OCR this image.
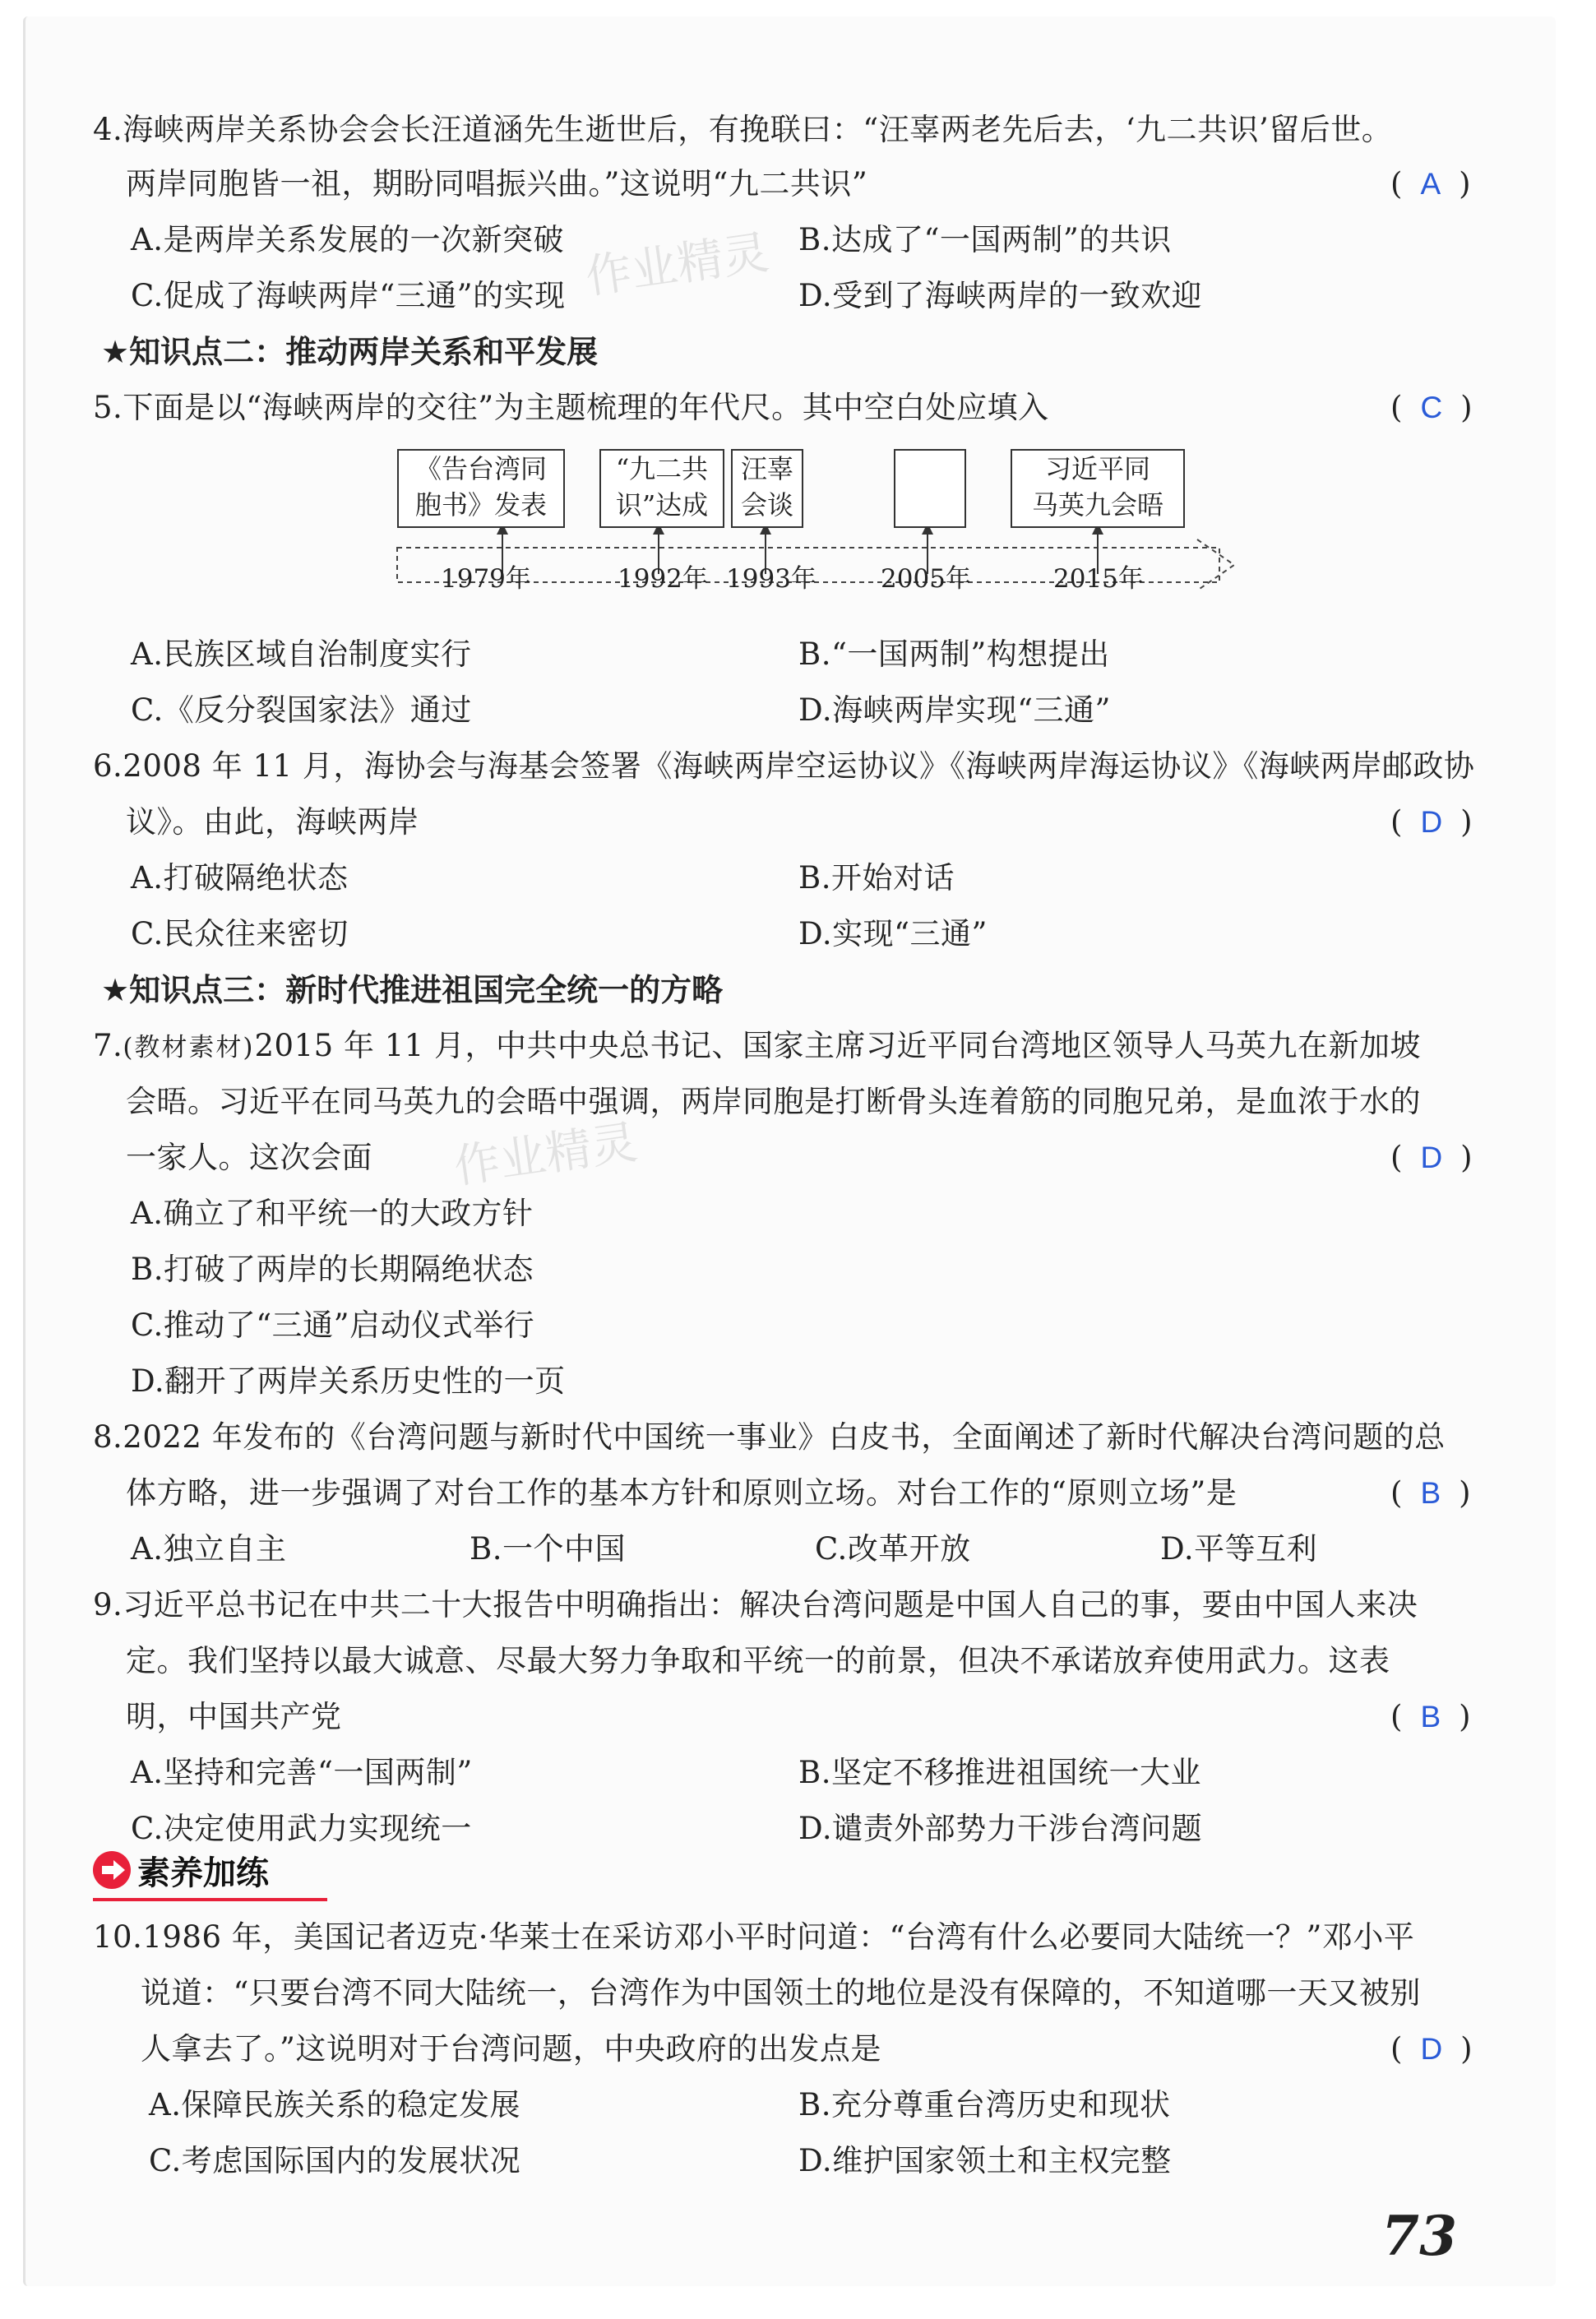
作业精灵
作业精灵
4.海峡两岸关系协会会长汪道涵先生逝世后，有挽联曰：“汪辜两老先后去，‘九二共识’留后世。
两岸同胞皆一祖，期盼同唱振兴曲。”这说明“九二共识”	( A )
A.是两岸关系发展的一次新突破	B.达成了“一国两制”的共识
C.促成了海峡两岸“三通”的实现	D.受到了海峡两岸的一致欢迎
★知识点二：推动两岸关系和平发展
5.下面是以“海峡两岸的交往”为主题梳理的年代尺。其中空白处应填入	( C )
《告台湾同
胞书》发表
“九二共
识”达成
汪辜
会谈
习近平同
马英九会晤
1979年	1992年 1993年	2005年	2015年
A.民族区域自治制度实行	B.“一国两制”构想提出
C.《反分裂国家法》通过	D.海峡两岸实现“三通”
6.2008 年 11 月，海协会与海基会签署《海峡两岸空运协议》《海峡两岸海运协议》《海峡两岸邮政协
议》。由此，海峡两岸	( D )
A.打破隔绝状态	B.开始对话
C.民众往来密切	D.实现“三通”
★知识点三：新时代推进祖国完全统一的方略
7.(教材素材)2015 年 11 月，中共中央总书记、国家主席习近平同台湾地区领导人马英九在新加坡
会晤。习近平在同马英九的会晤中强调，两岸同胞是打断骨头连着筋的同胞兄弟，是血浓于水的
一家人。这次会面	( D )
A.确立了和平统一的大政方针
B.打破了两岸的长期隔绝状态
C.推动了“三通”启动仪式举行
D.翻开了两岸关系历史性的一页
8.2022 年发布的《台湾问题与新时代中国统一事业》白皮书，全面阐述了新时代解决台湾问题的总
体方略，进一步强调了对台工作的基本方针和原则立场。对台工作的“原则立场”是	( B )
A.独立自主	B.一个中国	C.改革开放	D.平等互利
9.习近平总书记在中共二十大报告中明确指出：解决台湾问题是中国人自己的事，要由中国人来决
定。我们坚持以最大诚意、尽最大努力争取和平统一的前景，但决不承诺放弃使用武力。这表
明，中国共产党	( B )
A.坚持和完善“一国两制”	B.坚定不移推进祖国统一大业
C.决定使用武力实现统一	D.谴责外部势力干涉台湾问题
素养加练
10.1986 年，美国记者迈克·华莱士在采访邓小平时问道：“台湾有什么必要同大陆统一？”邓小平
说道：“只要台湾不同大陆统一，台湾作为中国领土的地位是没有保障的，不知道哪一天又被别
人拿去了。”这说明对于台湾问题，中央政府的出发点是	( D )
A.保障民族关系的稳定发展	B.充分尊重台湾历史和现状
C.考虑国际国内的发展状况	D.维护国家领土和主权完整
73
